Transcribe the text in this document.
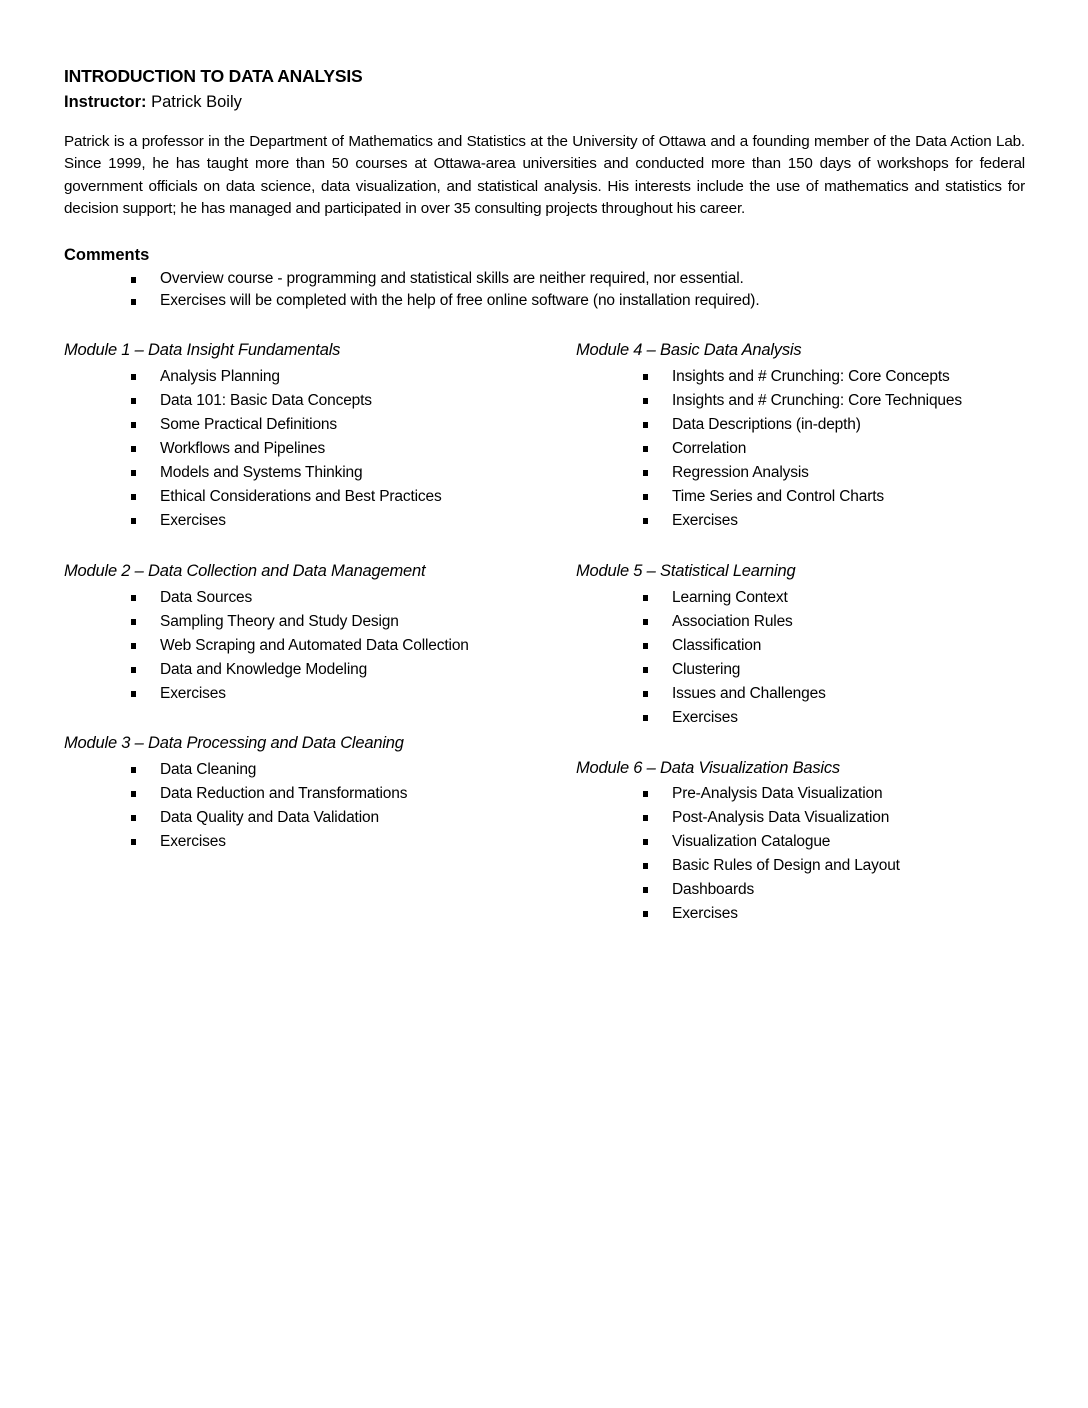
INTRODUCTION TO DATA ANALYSIS
Instructor: Patrick Boily
Patrick is a professor in the Department of Mathematics and Statistics at the University of Ottawa and a founding member of the Data Action Lab. Since 1999, he has taught more than 50 courses at Ottawa-area universities and conducted more than 150 days of workshops for federal government officials on data science, data visualization, and statistical analysis. His interests include the use of mathematics and statistics for decision support; he has managed and participated in over 35 consulting projects throughout his career.
Comments
Overview course - programming and statistical skills are neither required, nor essential.
Exercises will be completed with the help of free online software (no installation required).
Module 1 – Data Insight Fundamentals
Analysis Planning
Data 101: Basic Data Concepts
Some Practical Definitions
Workflows and Pipelines
Models and Systems Thinking
Ethical Considerations and Best Practices
Exercises
Module 2 – Data Collection and Data Management
Data Sources
Sampling Theory and Study Design
Web Scraping and Automated Data Collection
Data and Knowledge Modeling
Exercises
Module 3 – Data Processing and Data Cleaning
Data Cleaning
Data Reduction and Transformations
Data Quality and Data Validation
Exercises
Module 4 – Basic Data Analysis
Insights and # Crunching: Core Concepts
Insights and # Crunching: Core Techniques
Data Descriptions (in-depth)
Correlation
Regression Analysis
Time Series and Control Charts
Exercises
Module 5 – Statistical Learning
Learning Context
Association Rules
Classification
Clustering
Issues and Challenges
Exercises
Module 6 – Data Visualization Basics
Pre-Analysis Data Visualization
Post-Analysis Data Visualization
Visualization Catalogue
Basic Rules of Design and Layout
Dashboards
Exercises
